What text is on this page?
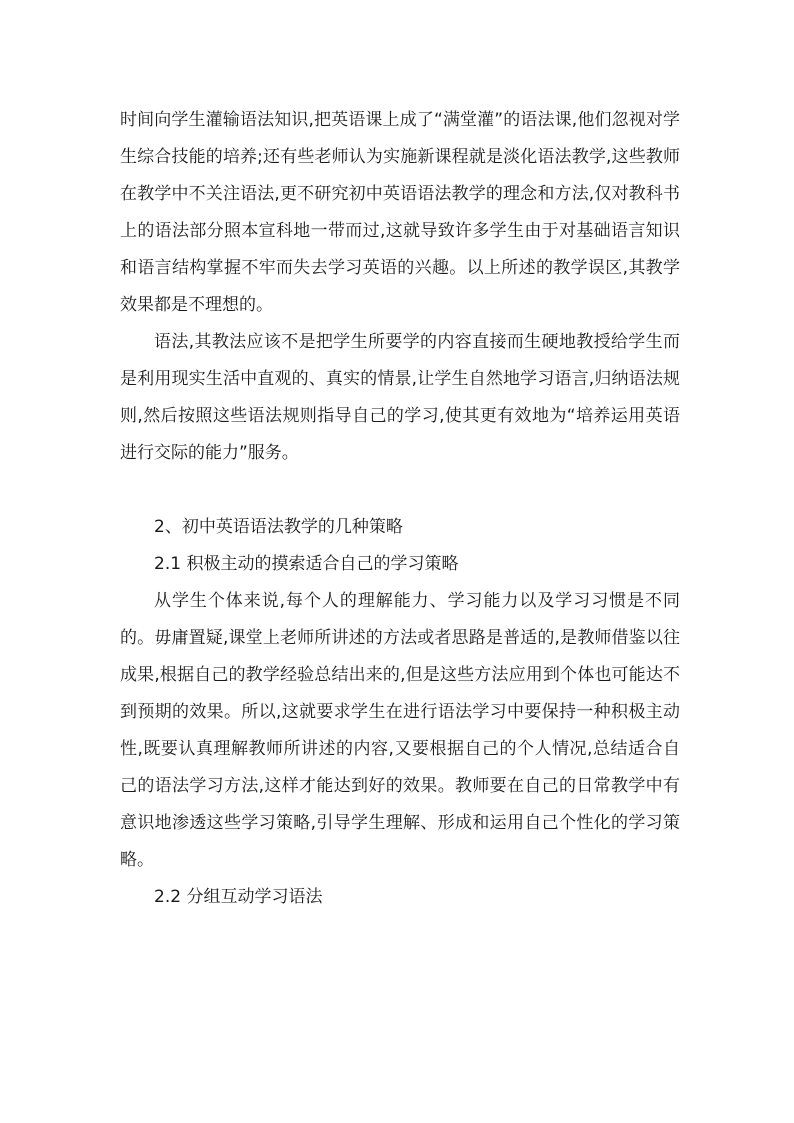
时间向学生灌输语法知识,把英语课上成了“满堂灌”的语法课,他们忽视对学生综合技能的培养;还有些老师认为实施新课程就是淡化语法教学,这些教师在教学中不关注语法,更不研究初中英语语法教学的理念和方法,仅对教科书上的语法部分照本宣科地一带而过,这就导致许多学生由于对基础语言知识和语言结构掌握不牢而失去学习英语的兴趣。以上所述的教学误区,其教学效果都是不理想的。

语法,其教法应该不是把学生所要学的内容直接而生硬地教授给学生而是利用现实生活中直观的、真实的情景,让学生自然地学习语言,归纳语法规则,然后按照这些语法规则指导自己的学习,使其更有效地为“培养运用英语进行交际的能力”服务。

2、初中英语语法教学的几种策略

2.1 积极主动的摸索适合自己的学习策略

从学生个体来说,每个人的理解能力、学习能力以及学习习惯是不同的。毋庸置疑,课堂上老师所讲述的方法或者思路是普适的,是教师借鉴以往成果,根据自己的教学经验总结出来的,但是这些方法应用到个体也可能达不到预期的效果。所以,这就要求学生在进行语法学习中要保持一种积极主动性,既要认真理解教师所讲述的内容,又要根据自己的个人情况,总结适合自己的语法学习方法,这样才能达到好的效果。教师要在自己的日常教学中有意识地渗透这些学习策略,引导学生理解、形成和运用自己个性化的学习策略。

2.2 分组互动学习语法
